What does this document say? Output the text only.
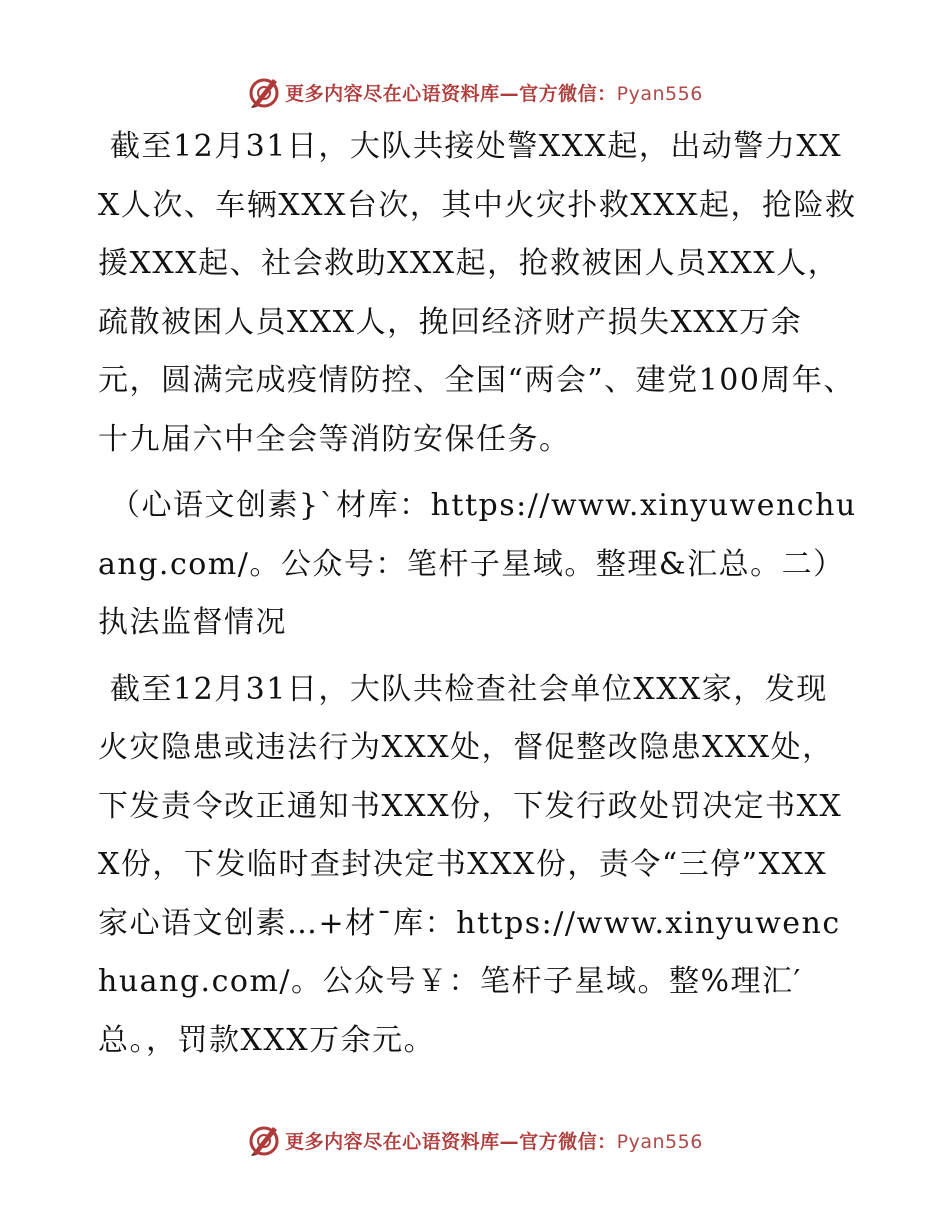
更多内容尽在心语资料库—官方微信：Pyan556

截至12月31日，大队共接处警XXX起，出动警力XXX人次、车辆XXX台次，其中火灾扑救XXX起，抢险救援XXX起、社会救助XXX起，抢救被困人员XXX人，疏散被困人员XXX人，挽回经济财产损失XXX万余元，圆满完成疫情防控、全国“两会”、建党100周年、十九届六中全会等消防安保任务。

（心语文创素}`材库：https://www.xinyuwenchuang.com/。公众号：笔杆子星域。整理&汇总。二）执法监督情况

截至12月31日，大队共检查社会单位XXX家，发现火灾隐患或违法行为XXX处，督促整改隐患XXX处，下发责令改正通知书XXX份，下发行政处罚决定书XXX份，下发临时查封决定书XXX份，责令“三停”XXX家心语文创素…+材¯库：https://www.xinyuwenchuang.com/。公众号￥：笔杆子星域。整%理汇′总。，罚款XXX万余元。

更多内容尽在心语资料库—官方微信：Pyan556
